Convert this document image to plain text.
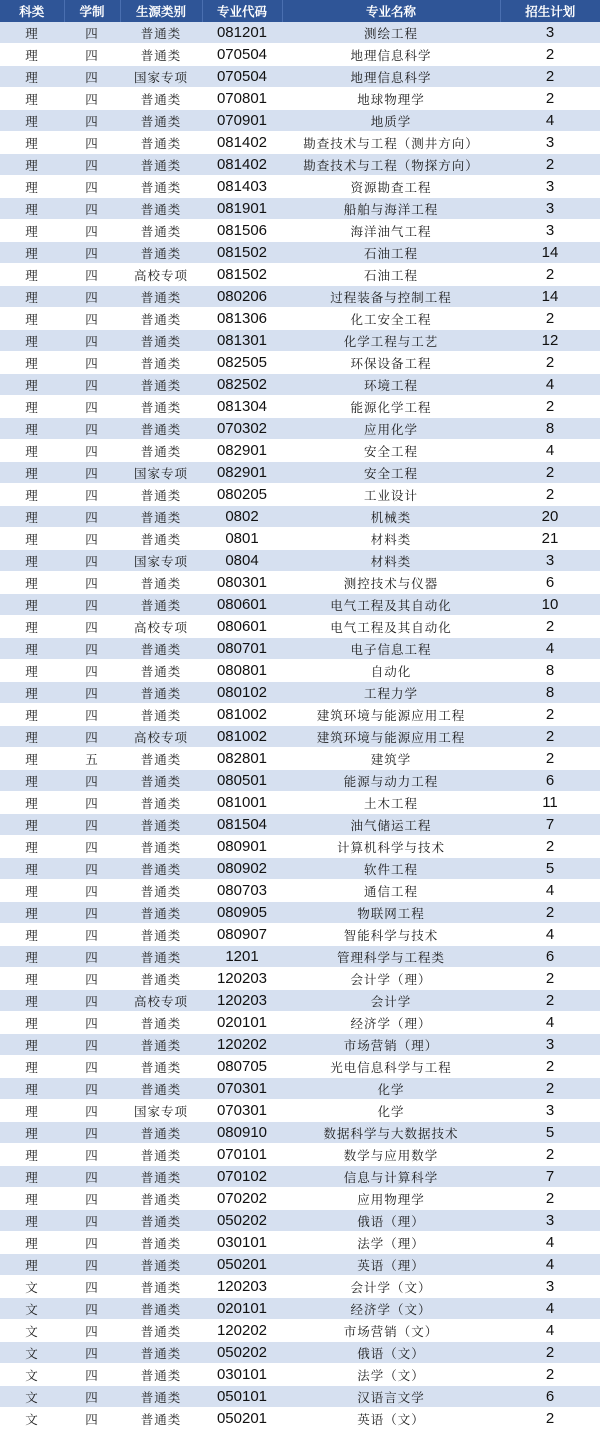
科类	学制	生源类别	专业代码	专业名称	招生计划
理	四	普通类	081201	测绘工程	3
理	四	普通类	070504	地理信息科学	2
理	四	国家专项	070504	地理信息科学	2
理	四	普通类	070801	地球物理学	2
理	四	普通类	070901	地质学	4
理	四	普通类	081402	勘查技术与工程（测井方向）	3
理	四	普通类	081402	勘查技术与工程（物探方向）	2
理	四	普通类	081403	资源勘查工程	3
理	四	普通类	081901	船舶与海洋工程	3
理	四	普通类	081506	海洋油气工程	3
理	四	普通类	081502	石油工程	14
理	四	高校专项	081502	石油工程	2
理	四	普通类	080206	过程装备与控制工程	14
理	四	普通类	081306	化工安全工程	2
理	四	普通类	081301	化学工程与工艺	12
理	四	普通类	082505	环保设备工程	2
理	四	普通类	082502	环境工程	4
理	四	普通类	081304	能源化学工程	2
理	四	普通类	070302	应用化学	8
理	四	普通类	082901	安全工程	4
理	四	国家专项	082901	安全工程	2
理	四	普通类	080205	工业设计	2
理	四	普通类	0802	机械类	20
理	四	普通类	0801	材料类	21
理	四	国家专项	0804	材料类	3
理	四	普通类	080301	测控技术与仪器	6
理	四	普通类	080601	电气工程及其自动化	10
理	四	高校专项	080601	电气工程及其自动化	2
理	四	普通类	080701	电子信息工程	4
理	四	普通类	080801	自动化	8
理	四	普通类	080102	工程力学	8
理	四	普通类	081002	建筑环境与能源应用工程	2
理	四	高校专项	081002	建筑环境与能源应用工程	2
理	五	普通类	082801	建筑学	2
理	四	普通类	080501	能源与动力工程	6
理	四	普通类	081001	土木工程	11
理	四	普通类	081504	油气储运工程	7
理	四	普通类	080901	计算机科学与技术	2
理	四	普通类	080902	软件工程	5
理	四	普通类	080703	通信工程	4
理	四	普通类	080905	物联网工程	2
理	四	普通类	080907	智能科学与技术	4
理	四	普通类	1201	管理科学与工程类	6
理	四	普通类	120203	会计学（理）	2
理	四	高校专项	120203	会计学	2
理	四	普通类	020101	经济学（理）	4
理	四	普通类	120202	市场营销（理）	3
理	四	普通类	080705	光电信息科学与工程	2
理	四	普通类	070301	化学	2
理	四	国家专项	070301	化学	3
理	四	普通类	080910	数据科学与大数据技术	5
理	四	普通类	070101	数学与应用数学	2
理	四	普通类	070102	信息与计算科学	7
理	四	普通类	070202	应用物理学	2
理	四	普通类	050202	俄语（理）	3
理	四	普通类	030101	法学（理）	4
理	四	普通类	050201	英语（理）	4
文	四	普通类	120203	会计学（文）	3
文	四	普通类	020101	经济学（文）	4
文	四	普通类	120202	市场营销（文）	4
文	四	普通类	050202	俄语（文）	2
文	四	普通类	030101	法学（文）	2
文	四	普通类	050101	汉语言文学	6
文	四	普通类	050201	英语（文）	2
